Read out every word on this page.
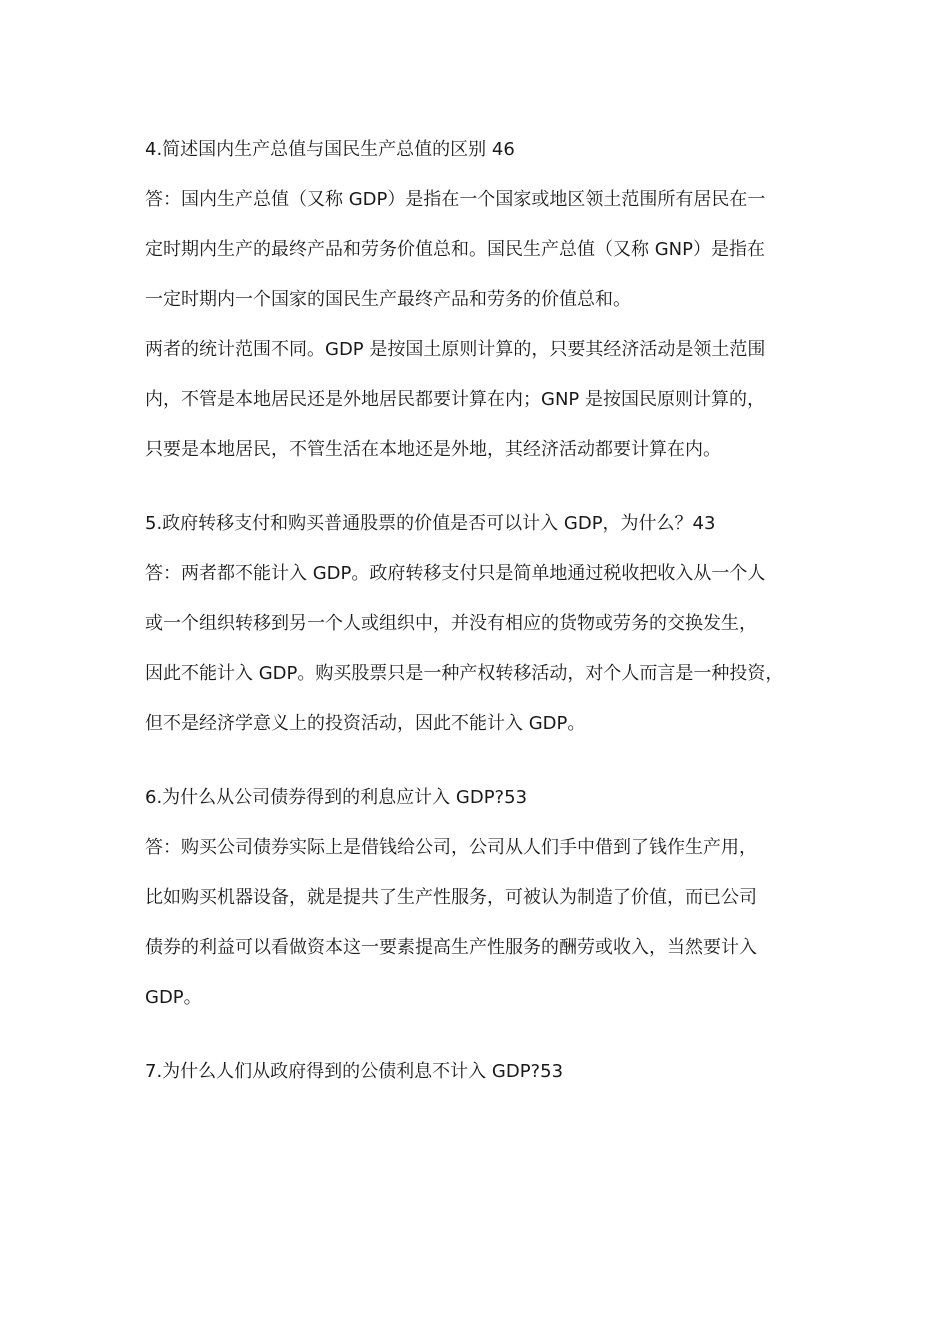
4.简述国内生产总值与国民生产总值的区别 46
答：国内生产总值（又称 GDP）是指在一个国家或地区领土范围所有居民在一
定时期内生产的最终产品和劳务价值总和。国民生产总值（又称 GNP）是指在
一定时期内一个国家的国民生产最终产品和劳务的价值总和。
两者的统计范围不同。GDP 是按国土原则计算的，只要其经济活动是领土范围
内，不管是本地居民还是外地居民都要计算在内；GNP 是按国民原则计算的，
只要是本地居民，不管生活在本地还是外地，其经济活动都要计算在内。
5.政府转移支付和购买普通股票的价值是否可以计入 GDP，为什么？43
答：两者都不能计入 GDP。政府转移支付只是简单地通过税收把收入从一个人
或一个组织转移到另一个人或组织中，并没有相应的货物或劳务的交换发生，
因此不能计入 GDP。购买股票只是一种产权转移活动，对个人而言是一种投资，
但不是经济学意义上的投资活动，因此不能计入 GDP。
6.为什么从公司债券得到的利息应计入 GDP?53
答：购买公司债券实际上是借钱给公司，公司从人们手中借到了钱作生产用，
比如购买机器设备，就是提共了生产性服务，可被认为制造了价值，而已公司
债券的利益可以看做资本这一要素提高生产性服务的酬劳或收入，当然要计入
GDP。
7.为什么人们从政府得到的公债利息不计入 GDP?53
